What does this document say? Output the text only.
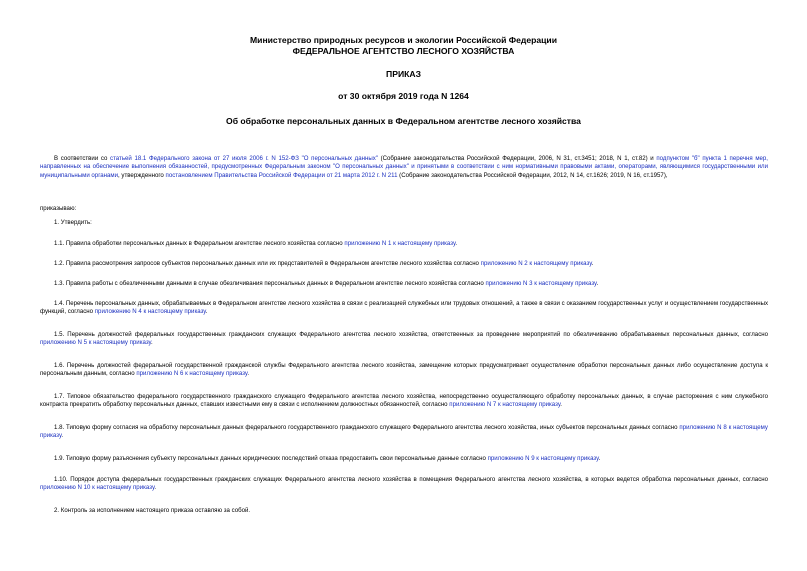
Министерство природных ресурсов и экологии Российской Федерации
ФЕДЕРАЛЬНОЕ АГЕНТСТВО ЛЕСНОГО ХОЗЯЙСТВА
ПРИКАЗ
от 30 октября 2019 года N 1264
Об обработке персональных данных в Федеральном агентстве лесного хозяйства
В соответствии со статьей 18.1 Федерального закона от 27 июля 2006 г. N 152-ФЗ "О персональных данных" (Собрание законодательства Российской Федерации, 2006, N 31, ст.3451; 2018, N 1, ст.82) и подпунктом "б" пункта 1 перечня мер, направленных на обеспечение выполнения обязанностей, предусмотренных Федеральным законом "О персональных данных" и принятыми в соответствии с ним нормативными правовыми актами, операторами, являющимися государственными или муниципальными органами, утвержденного постановлением Правительства Российской Федерации от 21 марта 2012 г. N 211 (Собрание законодательства Российской Федерации, 2012, N 14, ст.1626; 2019, N 16, ст.1957),
приказываю:
1. Утвердить:
1.1. Правила обработки персональных данных в Федеральном агентстве лесного хозяйства согласно приложению N 1 к настоящему приказу.
1.2. Правила рассмотрения запросов субъектов персональных данных или их представителей в Федеральном агентстве лесного хозяйства согласно приложению N 2 к настоящему приказу.
1.3. Правила работы с обезличенными данными в случае обезличивания персональных данных в Федеральном агентстве лесного хозяйства согласно приложению N 3 к настоящему приказу.
1.4. Перечень персональных данных, обрабатываемых в Федеральном агентстве лесного хозяйства в связи с реализацией служебных или трудовых отношений, а также в связи с оказанием государственных услуг и осуществлением государственных функций, согласно приложению N 4 к настоящему приказу.
1.5. Перечень должностей федеральных государственных гражданских служащих Федерального агентства лесного хозяйства, ответственных за проведение мероприятий по обезличиванию обрабатываемых персональных данных, согласно приложению N 5 к настоящему приказу.
1.6. Перечень должностей федеральной государственной гражданской службы Федерального агентства лесного хозяйства, замещение которых предусматривает осуществление обработки персональных данных либо осуществление доступа к персональным данным, согласно приложению N 6 к настоящему приказу.
1.7. Типовое обязательство федерального государственного гражданского служащего Федерального агентства лесного хозяйства, непосредственно осуществляющего обработку персональных данных, в случае расторжения с ним служебного контракта прекратить обработку персональных данных, ставших известными ему в связи с исполнением должностных обязанностей, согласно приложению N 7 к настоящему приказу.
1.8. Типовую форму согласия на обработку персональных данных федерального государственного гражданского служащего Федерального агентства лесного хозяйства, иных субъектов персональных данных согласно приложению N 8 к настоящему приказу.
1.9. Типовую форму разъяснения субъекту персональных данных юридических последствий отказа предоставить свои персональные данные согласно приложению N 9 к настоящему приказу.
1.10. Порядок доступа федеральных государственных гражданских служащих Федерального агентства лесного хозяйства в помещения Федерального агентства лесного хозяйства, в которых ведется обработка персональных данных, согласно приложению N 10 к настоящему приказу.
2. Контроль за исполнением настоящего приказа оставляю за собой.
